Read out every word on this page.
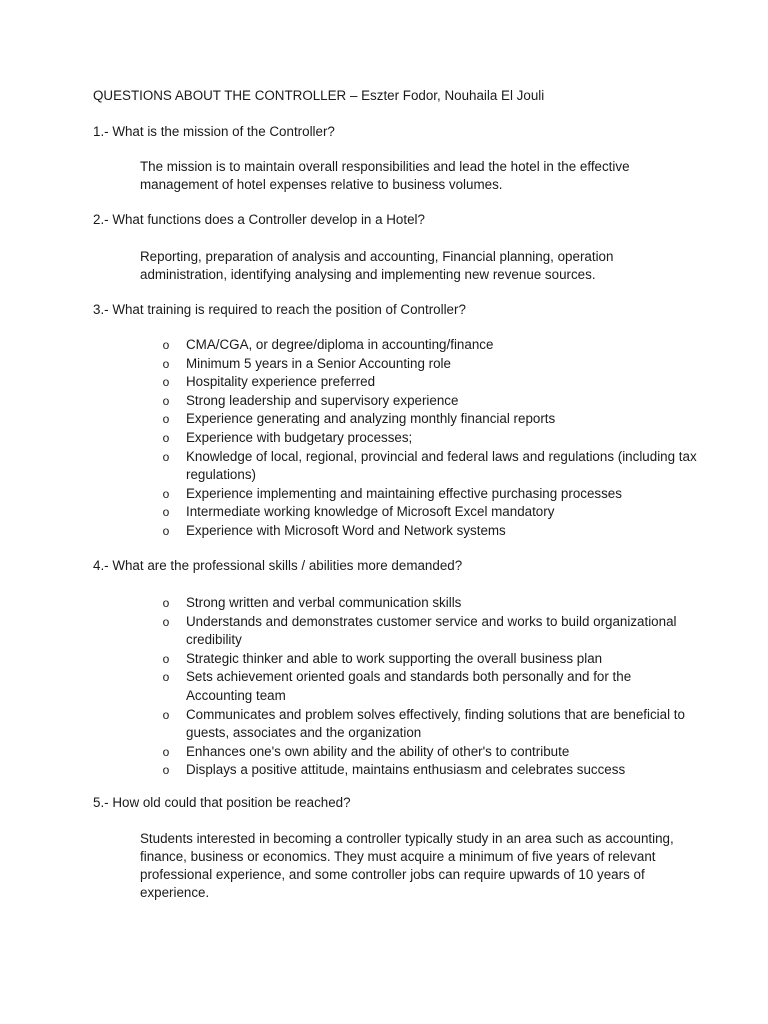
QUESTIONS ABOUT THE CONTROLLER – Eszter Fodor, Nouhaila El Jouli
1.- What is the mission of the Controller?
The mission is to maintain overall responsibilities and lead the hotel in the effective management of hotel expenses relative to business volumes.
2.- What functions does a Controller develop in a Hotel?
Reporting, preparation of analysis and accounting, Financial planning, operation administration, identifying analysing and implementing new revenue sources.
3.- What training is required to reach the position of Controller?
o CMA/CGA, or degree/diploma in accounting/finance
o Minimum 5 years in a Senior Accounting role
o Hospitality experience preferred
o Strong leadership and supervisory experience
o Experience generating and analyzing monthly financial reports
o Experience with budgetary processes;
o Knowledge of local, regional, provincial and federal laws and regulations (including tax regulations)
o Experience implementing and maintaining effective purchasing processes
o Intermediate working knowledge of Microsoft Excel mandatory
o Experience with Microsoft Word and Network systems
4.- What are the professional skills / abilities more demanded?
o Strong written and verbal communication skills
o Understands and demonstrates customer service and works to build organizational credibility
o Strategic thinker and able to work supporting the overall business plan
o Sets achievement oriented goals and standards both personally and for the Accounting team
o Communicates and problem solves effectively, finding solutions that are beneficial to guests, associates and the organization
o Enhances one's own ability and the ability of other's to contribute
o Displays a positive attitude, maintains enthusiasm and celebrates success
5.- How old could that position be reached?
Students interested in becoming a controller typically study in an area such as accounting, finance, business or economics. They must acquire a minimum of five years of relevant professional experience, and some controller jobs can require upwards of 10 years of experience.
